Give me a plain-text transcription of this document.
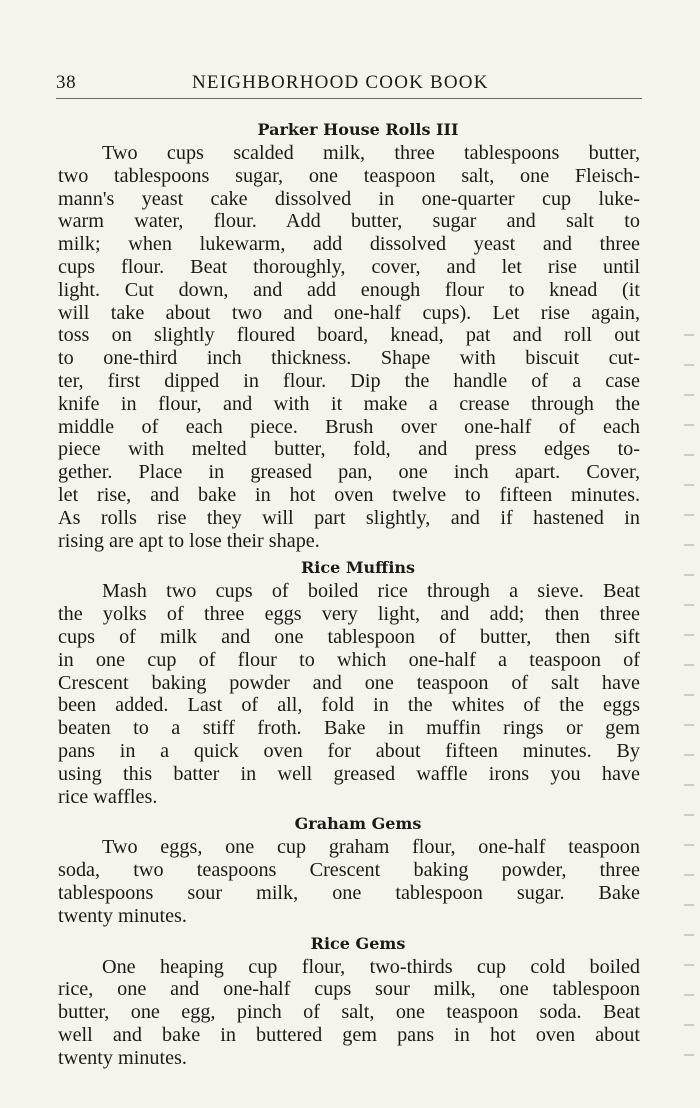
38	NEIGHBORHOOD COOK BOOK
Parker House Rolls III

Two cups scalded milk, three tablespoons butter,
two tablespoons sugar, one teaspoon salt, one Fleisch-
mann's yeast cake dissolved in one-quarter cup luke-
warm water, flour. Add butter, sugar and salt to
milk; when lukewarm, add dissolved yeast and three
cups flour. Beat thoroughly, cover, and let rise until
light. Cut down, and add enough flour to knead (it
will take about two and one-half cups). Let rise again,
toss on slightly floured board, knead, pat and roll out
to one-third inch thickness. Shape with biscuit cut-
ter, first dipped in flour. Dip the handle of a case
knife in flour, and with it make a crease through the
middle of each piece. Brush over one-half of each
piece with melted butter, fold, and press edges to-
gether. Place in greased pan, one inch apart. Cover,
let rise, and bake in hot oven twelve to fifteen minutes.
As rolls rise they will part slightly, and if hastened in
rising are apt to lose their shape.

Rice Muffins

Mash two cups of boiled rice through a sieve. Beat
the yolks of three eggs very light, and add; then three
cups of milk and one tablespoon of butter, then sift
in one cup of flour to which one-half a teaspoon of
Crescent baking powder and one teaspoon of salt have
been added. Last of all, fold in the whites of the eggs
beaten to a stiff froth. Bake in muffin rings or gem
pans in a quick oven for about fifteen minutes. By
using this batter in well greased waffle irons you have
rice waffles.

Graham Gems

Two eggs, one cup graham flour, one-half teaspoon
soda, two teaspoons Crescent baking powder, three
tablespoons sour milk, one tablespoon sugar. Bake
twenty minutes.

Rice Gems

One heaping cup flour, two-thirds cup cold boiled
rice, one and one-half cups sour milk, one tablespoon
butter, one egg, pinch of salt, one teaspoon soda. Beat
well and bake in buttered gem pans in hot oven about
twenty minutes.
